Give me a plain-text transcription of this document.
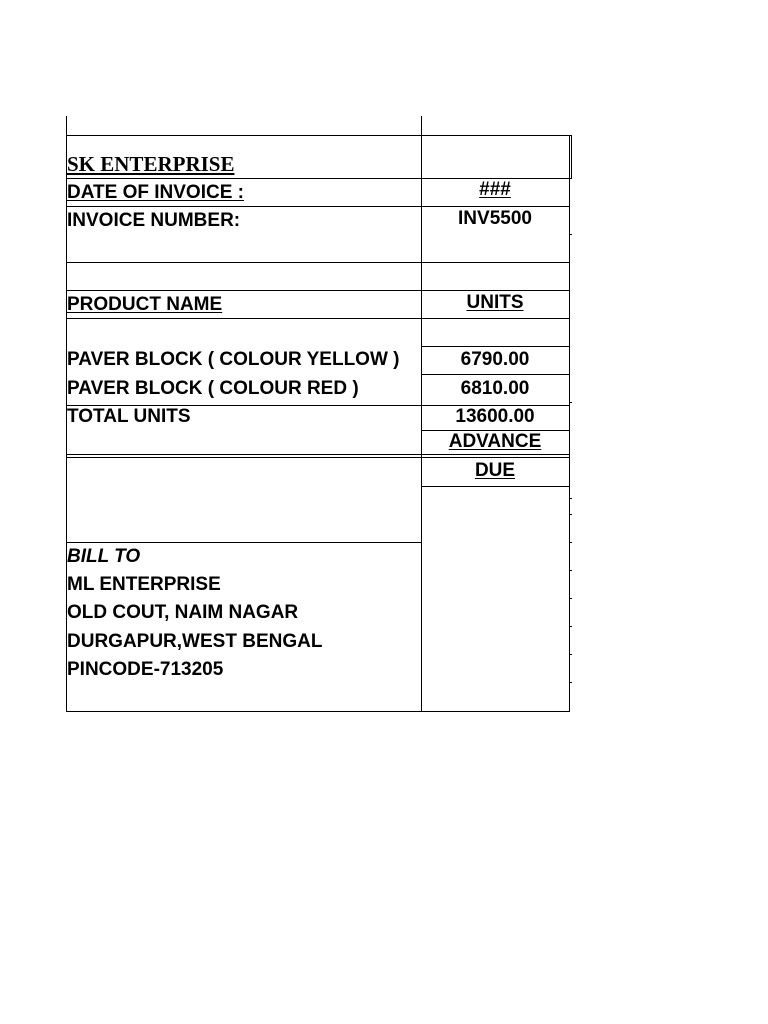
SK ENTERPRISE
DATE OF INVOICE :	###
INVOICE NUMBER:	INV5500
PRODUCT NAME	UNITS
PAVER BLOCK ( COLOUR YELLOW )	6790.00
PAVER BLOCK ( COLOUR RED )	6810.00
TOTAL UNITS	13600.00
ADVANCE
DUE
BILL TO
ML ENTERPRISE
OLD COUT, NAIM NAGAR
DURGAPUR,WEST BENGAL
PINCODE-713205
